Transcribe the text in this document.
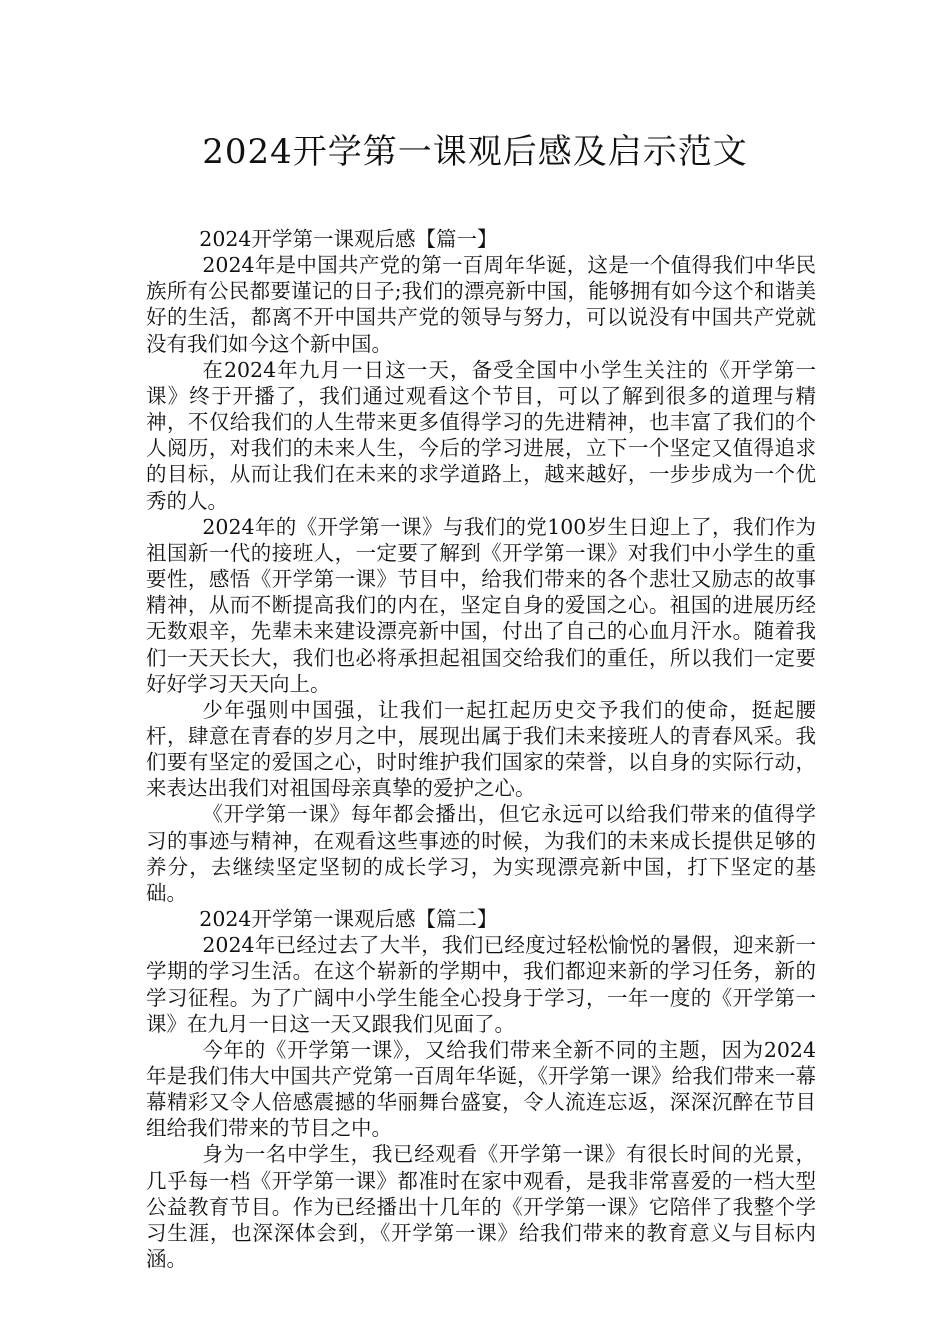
2024开学第一课观后感及启示范文
2024开学第一课观后感【篇一】

2024年是中国共产党的第一百周年华诞，这是一个值得我们中华民族所有公民都要谨记的日子;我们的漂亮新中国，能够拥有如今这个和谐美好的生活，都离不开中国共产党的领导与努力，可以说没有中国共产党就没有我们如今这个新中国。

在2024年九月一日这一天，备受全国中小学生关注的《开学第一课》终于开播了，我们通过观看这个节目，可以了解到很多的道理与精神，不仅给我们的人生带来更多值得学习的先进精神，也丰富了我们的个人阅历，对我们的未来人生，今后的学习进展，立下一个坚定又值得追求的目标，从而让我们在未来的求学道路上，越来越好，一步步成为一个优秀的人。

2024年的《开学第一课》与我们的党100岁生日迎上了，我们作为祖国新一代的接班人，一定要了解到《开学第一课》对我们中小学生的重要性，感悟《开学第一课》节目中，给我们带来的各个悲壮又励志的故事精神，从而不断提高我们的内在，坚定自身的爱国之心。祖国的进展历经无数艰辛，先辈未来建设漂亮新中国，付出了自己的心血月汗水。随着我们一天天长大，我们也必将承担起祖国交给我们的重任，所以我们一定要好好学习天天向上。

少年强则中国强，让我们一起扛起历史交予我们的使命，挺起腰杆，肆意在青春的岁月之中，展现出属于我们未来接班人的青春风采。我们要有坚定的爱国之心，时时维护我们国家的荣誉，以自身的实际行动，来表达出我们对祖国母亲真挚的爱护之心。

《开学第一课》每年都会播出，但它永远可以给我们带来的值得学习的事迹与精神，在观看这些事迹的时候，为我们的未来成长提供足够的养分，去继续坚定坚韧的成长学习，为实现漂亮新中国，打下坚定的基础。

2024开学第一课观后感【篇二】

2024年已经过去了大半，我们已经度过轻松愉悦的暑假，迎来新一学期的学习生活。在这个崭新的学期中，我们都迎来新的学习任务，新的学习征程。为了广阔中小学生能全心投身于学习，一年一度的《开学第一课》在九月一日这一天又跟我们见面了。

今年的《开学第一课》，又给我们带来全新不同的主题，因为2024年是我们伟大中国共产党第一百周年华诞，《开学第一课》给我们带来一幕幕精彩又令人倍感震撼的华丽舞台盛宴，令人流连忘返，深深沉醉在节目组给我们带来的节目之中。

身为一名中学生，我已经观看《开学第一课》有很长时间的光景，几乎每一档《开学第一课》都准时在家中观看，是我非常喜爱的一档大型公益教育节目。作为已经播出十几年的《开学第一课》它陪伴了我整个学习生涯，也深深体会到，《开学第一课》给我们带来的教育意义与目标内涵。
